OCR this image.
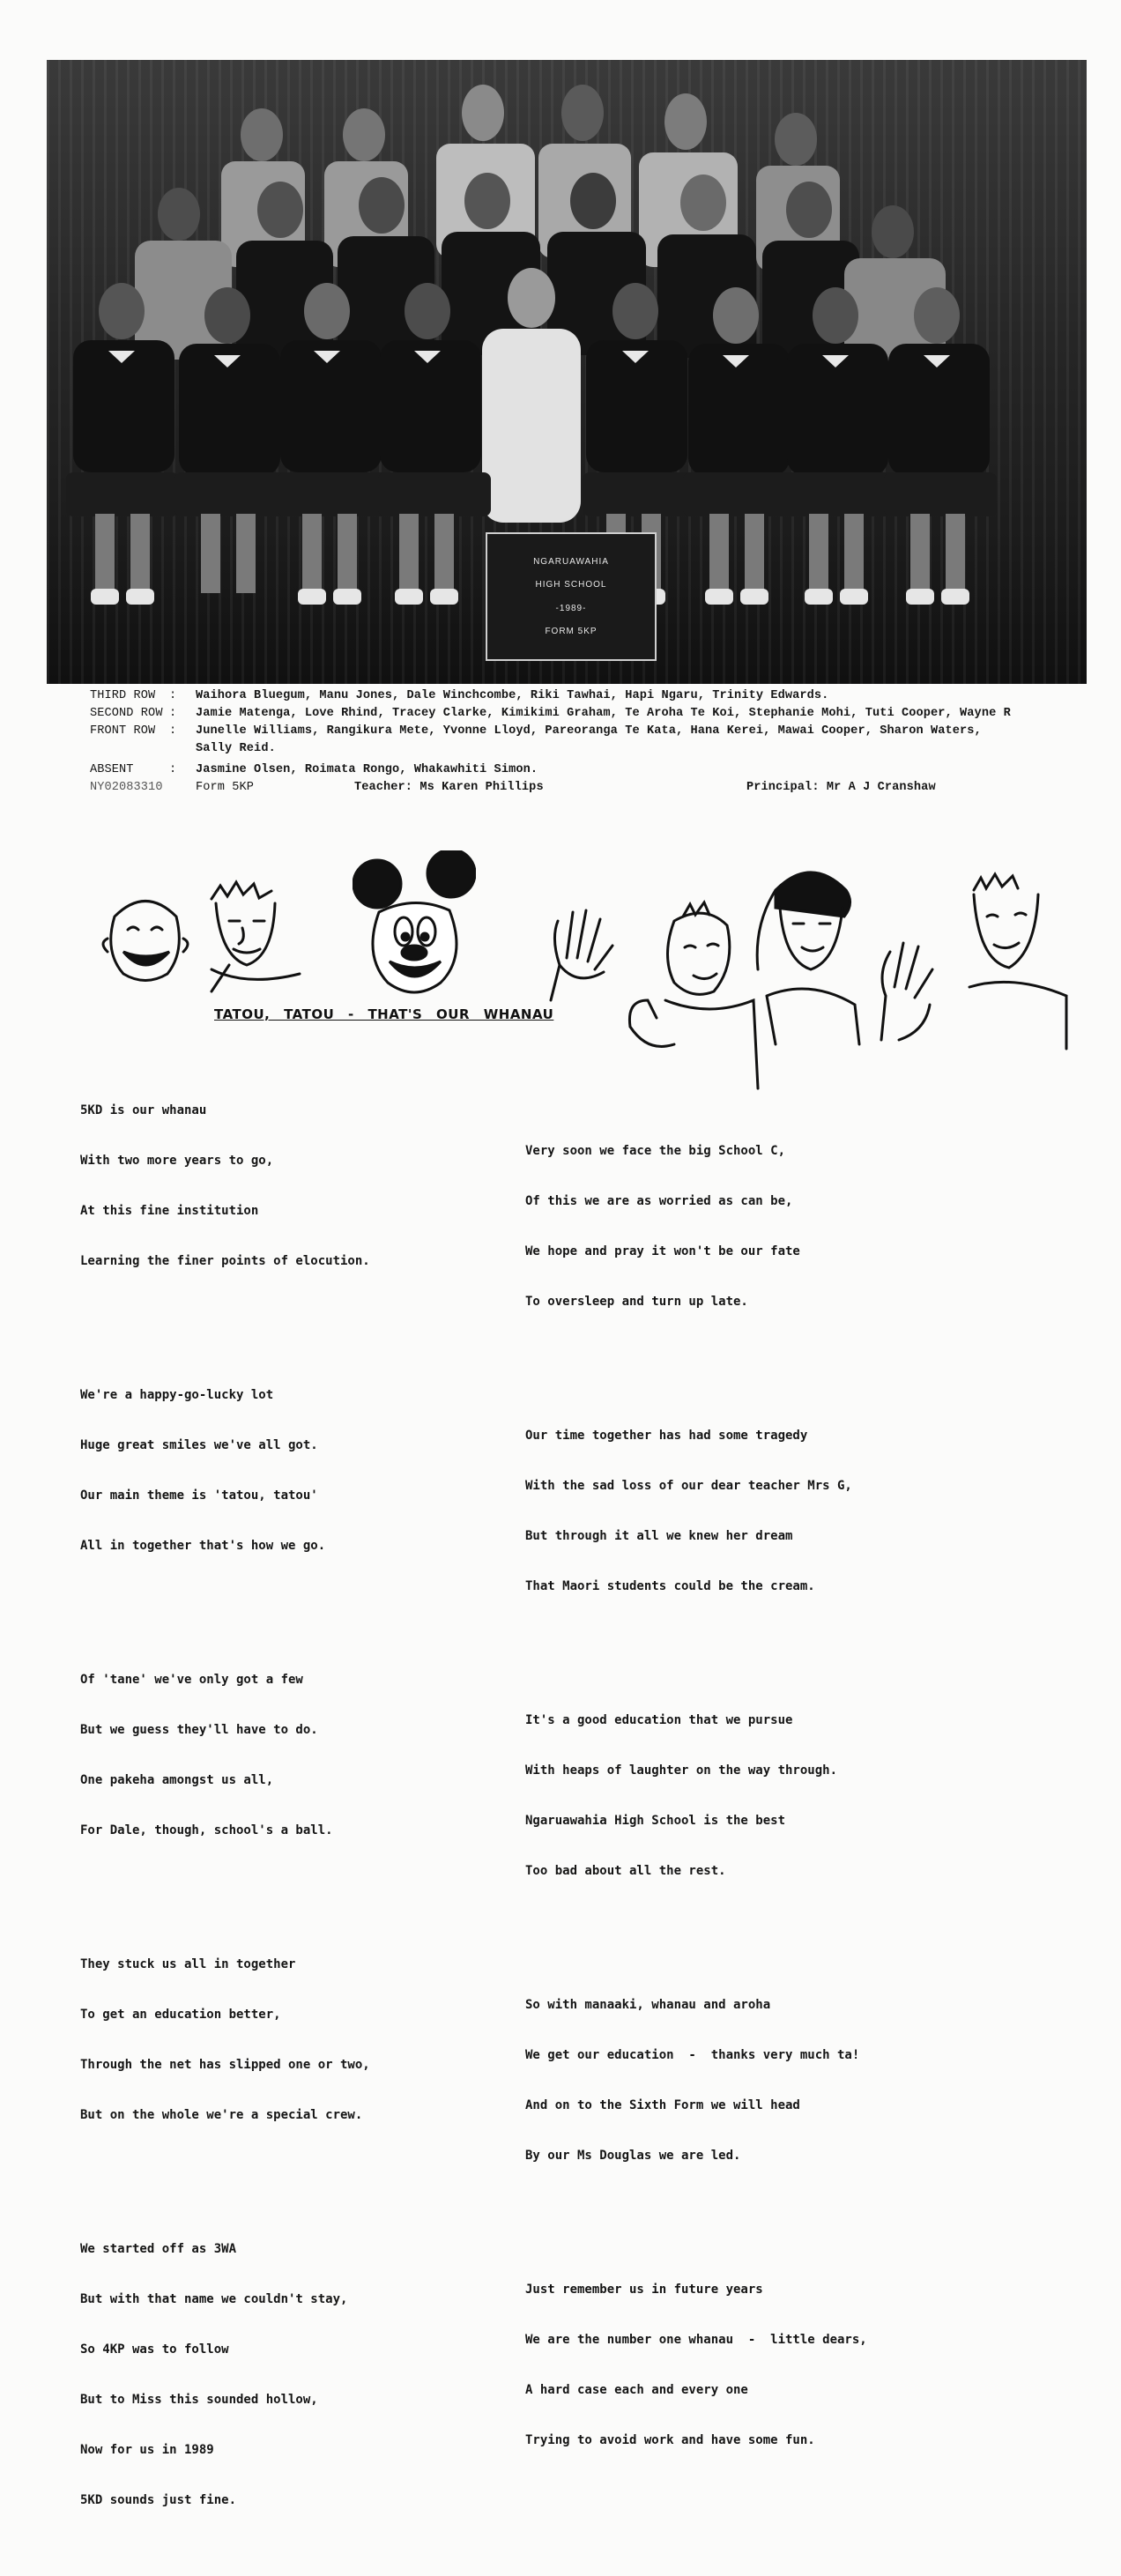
NGARUAWAHIA
HIGH SCHOOL
-1989-
FORM 5KP
THIRD ROW	:	Waihora Bluegum, Manu Jones, Dale Winchcombe, Riki Tawhai, Hapi Ngaru, Trinity Edwards.
SECOND ROW :	Jamie Matenga, Love Rhind, Tracey Clarke, Kimikimi Graham, Te Aroha Te Koi, Stephanie Mohi, Tuti Cooper, Wayne R
FRONT ROW	:	Junelle Williams, Rangikura Mete, Yvonne Lloyd, Pareoranga Te Kata, Hana Kerei, Mawai Cooper, Sharon Waters,
Sally Reid.
ABSENT	:	Jasmine Olsen, Roimata Rongo, Whakawhiti Simon.
NY02083310	Form 5KP	Teacher: Ms Karen Phillips	Principal: Mr A J Cranshaw
TATOU, TATOU - THAT'S OUR WHANAU

5KD is our whanau

With two more years to go,

At this fine institution

Learning the finer points of elocution.

We're a happy-go-lucky lot

Huge great smiles we've all got.

Our main theme is 'tatou, tatou'

All in together that's how we go.

Of 'tane' we've only got a few

But we guess they'll have to do.

One pakeha amongst us all,

For Dale, though, school's a ball.

They stuck us all in together

To get an education better,

Through the net has slipped one or two,

But on the whole we're a special crew.

We started off as 3WA

But with that name we couldn't stay,

So 4KP was to follow

But to Miss this sounded hollow,

Now for us in 1989

5KD sounds just fine.

Very soon we face the big School C,

Of this we are as worried as can be,

We hope and pray it won't be our fate

To oversleep and turn up late.

Our time together has had some tragedy

With the sad loss of our dear teacher Mrs G,

But through it all we knew her dream

That Maori students could be the cream.

It's a good education that we pursue

With heaps of laughter on the way through.

Ngaruawahia High School is the best

Too bad about all the rest.

So with manaaki, whanau and aroha

We get our education  -  thanks very much ta!

And on to the Sixth Form we will head

By our Ms Douglas we are led.

Just remember us in future years

We are the number one whanau  -  little dears,

A hard case each and every one

Trying to avoid work and have some fun.
